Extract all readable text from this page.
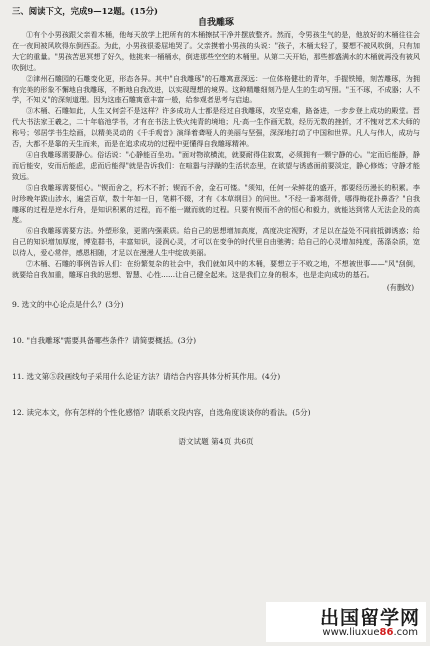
三、阅读下文，完成9—12题。(15分)
自我雕琢

①有个小男孩跟父亲看木桶，他每天放学上把所有的木桶擦拭干净并摆放整齐。然而，令男孩生气的是，他放好的木桶往往会在一夜间被风吹得东倒西歪。为此，小男孩很委屈地哭了。父亲摸着小男孩的头说："孩子，木桶太轻了，要想不被风吹倒，只有加大它的重量。"男孩苦思冥想了好久，他挑来一桶桶水，倒进那些空空的木桶里。从第二天开始，那些都盛满水的木桶就再没有被风吹倒过。

②津州石雕园的石雕变化更，形态各异。其中"自我雕琢"的石雕寓意深远：一位体格健壮的青年，手握铁锤，刻苦雕琢，为拥有完美的形象不懈地自我雕琢，不断地自我改进，以实现理想的境界。这种精雕细刻乃是人生的生动写照。"玉不琢，不成器；人不学，不知义"的深刻道理。因为这座石雕寓意丰富一般，给参观者思考与启迪。

③木桶、石雕如此，人生又何尝不是这样？许多成功人士都是经过自我雕琢，攻坚克难，路备进，一步步登上成功的殿堂。晋代大书法家王羲之，二十年临池学书，才有在书法上铁火纯青的境地；凡·高一生作画无数，经历无数的挫折，才不愧对艺术大师的称号；邻居学书生绘画，以精美灵动的《千手观音》演绎着聋哑人的美丽与坚强，深深地打动了中国和世界。凡人与伟人，成功与否，大都不是靠的天生而来，而是在追求成功的过程中更懂得自我雕琢精神。

④自我雕琢需要静心。俗话说："心静能百坐功。"面对物欲横流，就要耐得住寂寞，必须拥有一颗宁静的心。"定而后能静，静而后能安，安而后能虑，虑而后能得"就是告诉我们：在喧嚣与浮躁的生活状态里，在欲望与诱惑面前要淡定，静心修炼；守静才能致远。

⑤自我雕琢需要恒心。"锲而舍之，朽木不折；锲而不舍，金石可镂。"须知，任何一朵鲜花的盛开，都要经历漫长的积累。李时珍晚年跋山涉水，遍尝百草，数十年如一日，笔耕不辍，才有《本草纲目》的问世。"不经一番寒彻骨，哪得梅花扑鼻香？"自我雕琢的过程是逆水行舟，是知识积累的过程，而不能一蹴而就的过程。只要有锲而不舍的恒心和毅力，就能达到常人无法企及的高度。

⑥自我雕琢需要方法。外塑形象，更需内强素质。给自己的思想增加高度，高度决定视野，才足以在益处不同前抵御诱惑；给自己的知识增加厚度，博览群书，丰富知识，浸润心灵，才可以在变争的时代里自由驰骋；给自己的心灵增加纯度，荡涤杂质，宽以待人，爱心常伴，感恩相随，才足以在漫漫人生中绽放美丽。

⑦木桶、石雕的事例告诉人们：在纷繁复杂的社会中，我们就如风中的木桶，要想立于不败之地，不想被世事——"风"刮倒，就要给自我加重，雕琢自我的思想、智慧、心性……让自己健全起来。这是我们立身的根本，也是走向成功的基石。

(有删改)
9. 选文的中心论点是什么？(3分)
10. "自我雕琢"需要具备哪些条件？请简要概括。(3分)
11. 选文第⑤段画线句子采用什么论证方法？请结合内容具体分析其作用。(4分)
12. 读完本文，你有怎样的个性化感悟？请联系文段内容，自选角度谈谈你的看法。(5分)
语文试题 第4页 共6页
出国留学网
www.liuxue86.com
